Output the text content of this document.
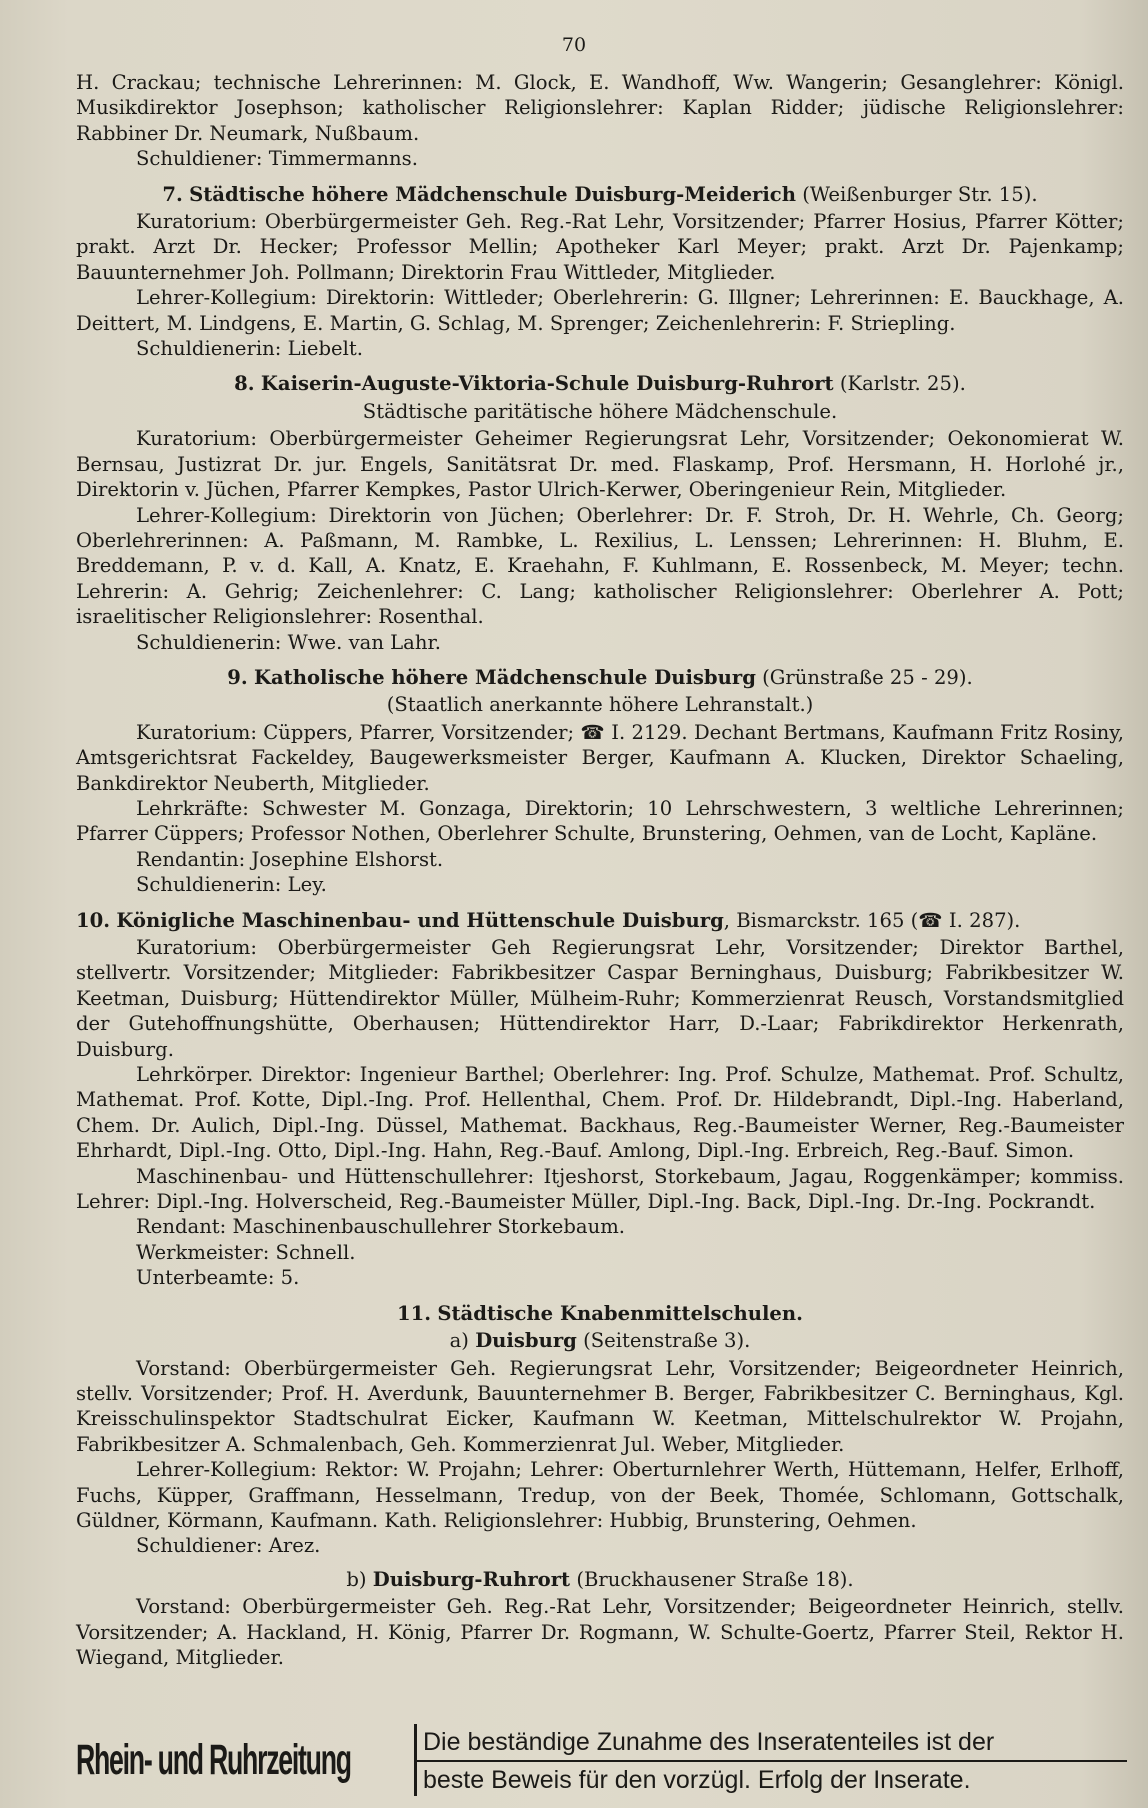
70

H. Crackau; technische Lehrerinnen: M. Glock, E. Wandhoff, Ww. Wangerin; Gesanglehrer: Königl. Musikdirektor Josephson; katholischer Religionslehrer: Kaplan Ridder; jüdische Religionslehrer: Rabbiner Dr. Neumark, Nußbaum.

Schuldiener: Timmermanns.

7. Städtische höhere Mädchenschule Duisburg-Meiderich (Weißenburger Str. 15).

Kuratorium: Oberbürgermeister Geh. Reg.-Rat Lehr, Vorsitzender; Pfarrer Hosius, Pfarrer Kötter; prakt. Arzt Dr. Hecker; Professor Mellin; Apotheker Karl Meyer; prakt. Arzt Dr. Pajenkamp; Bauunternehmer Joh. Pollmann; Direktorin Frau Wittleder, Mitglieder.

Lehrer-Kollegium: Direktorin: Wittleder; Oberlehrerin: G. Illgner; Lehrerinnen: E. Bauckhage, A. Deittert, M. Lindgens, E. Martin, G. Schlag, M. Sprenger; Zeichenlehrerin: F. Striepling.

Schuldienerin: Liebelt.

8. Kaiserin-Auguste-Viktoria-Schule Duisburg-Ruhrort (Karlstr. 25).
Städtische paritätische höhere Mädchenschule.

Kuratorium: Oberbürgermeister Geheimer Regierungsrat Lehr, Vorsitzender; Oekonomierat W. Bernsau, Justizrat Dr. jur. Engels, Sanitätsrat Dr. med. Flaskamp, Prof. Hersmann, H. Horlohé jr., Direktorin v. Jüchen, Pfarrer Kempkes, Pastor Ulrich-Kerwer, Oberingenieur Rein, Mitglieder.

Lehrer-Kollegium: Direktorin von Jüchen; Oberlehrer: Dr. F. Stroh, Dr. H. Wehrle, Ch. Georg; Oberlehrerinnen: A. Paßmann, M. Rambke, L. Rexilius, L. Lenssen; Lehrerinnen: H. Bluhm, E. Breddemann, P. v. d. Kall, A. Knatz, E. Kraehahn, F. Kuhlmann, E. Rossenbeck, M. Meyer; techn. Lehrerin: A. Gehrig; Zeichenlehrer: C. Lang; katholischer Religionslehrer: Oberlehrer A. Pott; israelitischer Religionslehrer: Rosenthal.

Schuldienerin: Wwe. van Lahr.

9. Katholische höhere Mädchenschule Duisburg (Grünstraße 25 - 29).
(Staatlich anerkannte höhere Lehranstalt.)

Kuratorium: Cüppers, Pfarrer, Vorsitzender; ☎ I. 2129. Dechant Bertmans, Kaufmann Fritz Rosiny, Amtsgerichtsrat Fackeldey, Baugewerksmeister Berger, Kaufmann A. Klucken, Direktor Schaeling, Bankdirektor Neuberth, Mitglieder.

Lehrkräfte: Schwester M. Gonzaga, Direktorin; 10 Lehrschwestern, 3 weltliche Lehrerinnen; Pfarrer Cüppers; Professor Nothen, Oberlehrer Schulte, Brunstering, Oehmen, van de Locht, Kapläne.

Rendantin: Josephine Elshorst.

Schuldienerin: Ley.

10. Königliche Maschinenbau- und Hüttenschule Duisburg, Bismarckstr. 165 (☎ I. 287).

Kuratorium: Oberbürgermeister Geh Regierungsrat Lehr, Vorsitzender; Direktor Barthel, stellvertr. Vorsitzender; Mitglieder: Fabrikbesitzer Caspar Berninghaus, Duisburg; Fabrikbesitzer W. Keetman, Duisburg; Hüttendirektor Müller, Mülheim-Ruhr; Kommerzienrat Reusch, Vorstandsmitglied der Gutehoffnungshütte, Oberhausen; Hüttendirektor Harr, D.-Laar; Fabrikdirektor Herkenrath, Duisburg.

Lehrkörper. Direktor: Ingenieur Barthel; Oberlehrer: Ing. Prof. Schulze, Mathemat. Prof. Schultz, Mathemat. Prof. Kotte, Dipl.-Ing. Prof. Hellenthal, Chem. Prof. Dr. Hildebrandt, Dipl.-Ing. Haberland, Chem. Dr. Aulich, Dipl.-Ing. Düssel, Mathemat. Backhaus, Reg.-Baumeister Werner, Reg.-Baumeister Ehrhardt, Dipl.-Ing. Otto, Dipl.-Ing. Hahn, Reg.-Bauf. Amlong, Dipl.-Ing. Erbreich, Reg.-Bauf. Simon.

Maschinenbau- und Hüttenschullehrer: Itjeshorst, Storkebaum, Jagau, Roggenkämper; kommiss. Lehrer: Dipl.-Ing. Holverscheid, Reg.-Baumeister Müller, Dipl.-Ing. Back, Dipl.-Ing. Dr.-Ing. Pockrandt.

Rendant: Maschinenbauschullehrer Storkebaum.

Werkmeister: Schnell.

Unterbeamte: 5.

11. Städtische Knabenmittelschulen.
a) Duisburg (Seitenstraße 3).

Vorstand: Oberbürgermeister Geh. Regierungsrat Lehr, Vorsitzender; Beigeordneter Heinrich, stellv. Vorsitzender; Prof. H. Averdunk, Bauunternehmer B. Berger, Fabrikbesitzer C. Berninghaus, Kgl. Kreisschulinspektor Stadtschulrat Eicker, Kaufmann W. Keetman, Mittelschulrektor W. Projahn, Fabrikbesitzer A. Schmalenbach, Geh. Kommerzienrat Jul. Weber, Mitglieder.

Lehrer-Kollegium: Rektor: W. Projahn; Lehrer: Oberturnlehrer Werth, Hüttemann, Helfer, Erlhoff, Fuchs, Küpper, Graffmann, Hesselmann, Tredup, von der Beek, Thomée, Schlomann, Gottschalk, Güldner, Körmann, Kaufmann. Kath. Religionslehrer: Hubbig, Brunstering, Oehmen.

Schuldiener: Arez.

b) Duisburg-Ruhrort (Bruckhausener Straße 18).

Vorstand: Oberbürgermeister Geh. Reg.-Rat Lehr, Vorsitzender; Beigeordneter Heinrich, stellv. Vorsitzender; A. Hackland, H. König, Pfarrer Dr. Rogmann, W. Schulte-Goertz, Pfarrer Steil, Rektor H. Wiegand, Mitglieder.

Rhein- und Ruhrzeitung	Die beständige Zunahme des Inseratenteiles ist der
beste Beweis für den vorzügl. Erfolg der Inserate.
